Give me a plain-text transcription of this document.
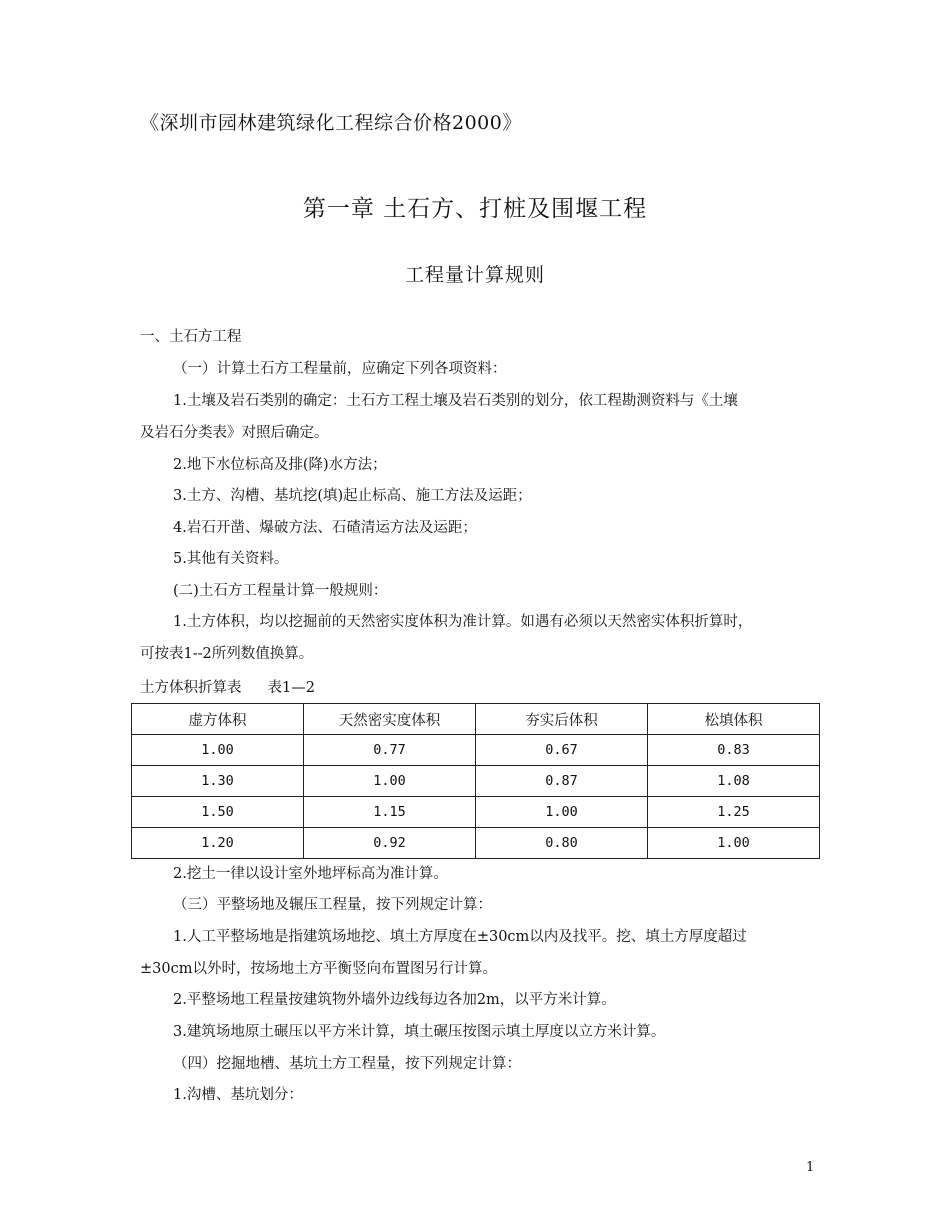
《深圳市园林建筑绿化工程综合价格2000》
第一章 土石方、打桩及围堰工程
工程量计算规则
一、土石方工程
（一）计算土石方工程量前，应确定下列各项资料：
1.土壤及岩石类别的确定：土石方工程土壤及岩石类别的划分，依工程勘测资料与《土壤
及岩石分类表》对照后确定。
2.地下水位标高及排(降)水方法；
3.土方、沟槽、基坑挖(填)起止标高、施工方法及运距；
4.岩石开凿、爆破方法、石碴清运方法及运距；
5.其他有关资料。
(二)土石方工程量计算一般规则：
1.土方体积，均以挖掘前的天然密实度体积为准计算。如遇有必须以天然密实体积折算时，
可按表1--2所列数值换算。
土方体积折算表 表1—2
虚方体积	天然密实度体积	夯实后体积	松填体积
1.00	0.77	0.67	0.83
1.30	1.00	0.87	1.08
1.50	1.15	1.00	1.25
1.20	0.92	0.80	1.00
2.挖土一律以设计室外地坪标高为准计算。
（三）平整场地及辗压工程量，按下列规定计算：
1.人工平整场地是指建筑场地挖、填土方厚度在±30cm以内及找平。挖、填土方厚度超过
±30cm以外时，按场地土方平衡竖向布置图另行计算。
2.平整场地工程量按建筑物外墙外边线每边各加2m，以平方米计算。
3.建筑场地原土碾压以平方米计算，填土碾压按图示填土厚度以立方米计算。
（四）挖掘地槽、基坑土方工程量，按下列规定计算：
1.沟槽、基坑划分：
1
